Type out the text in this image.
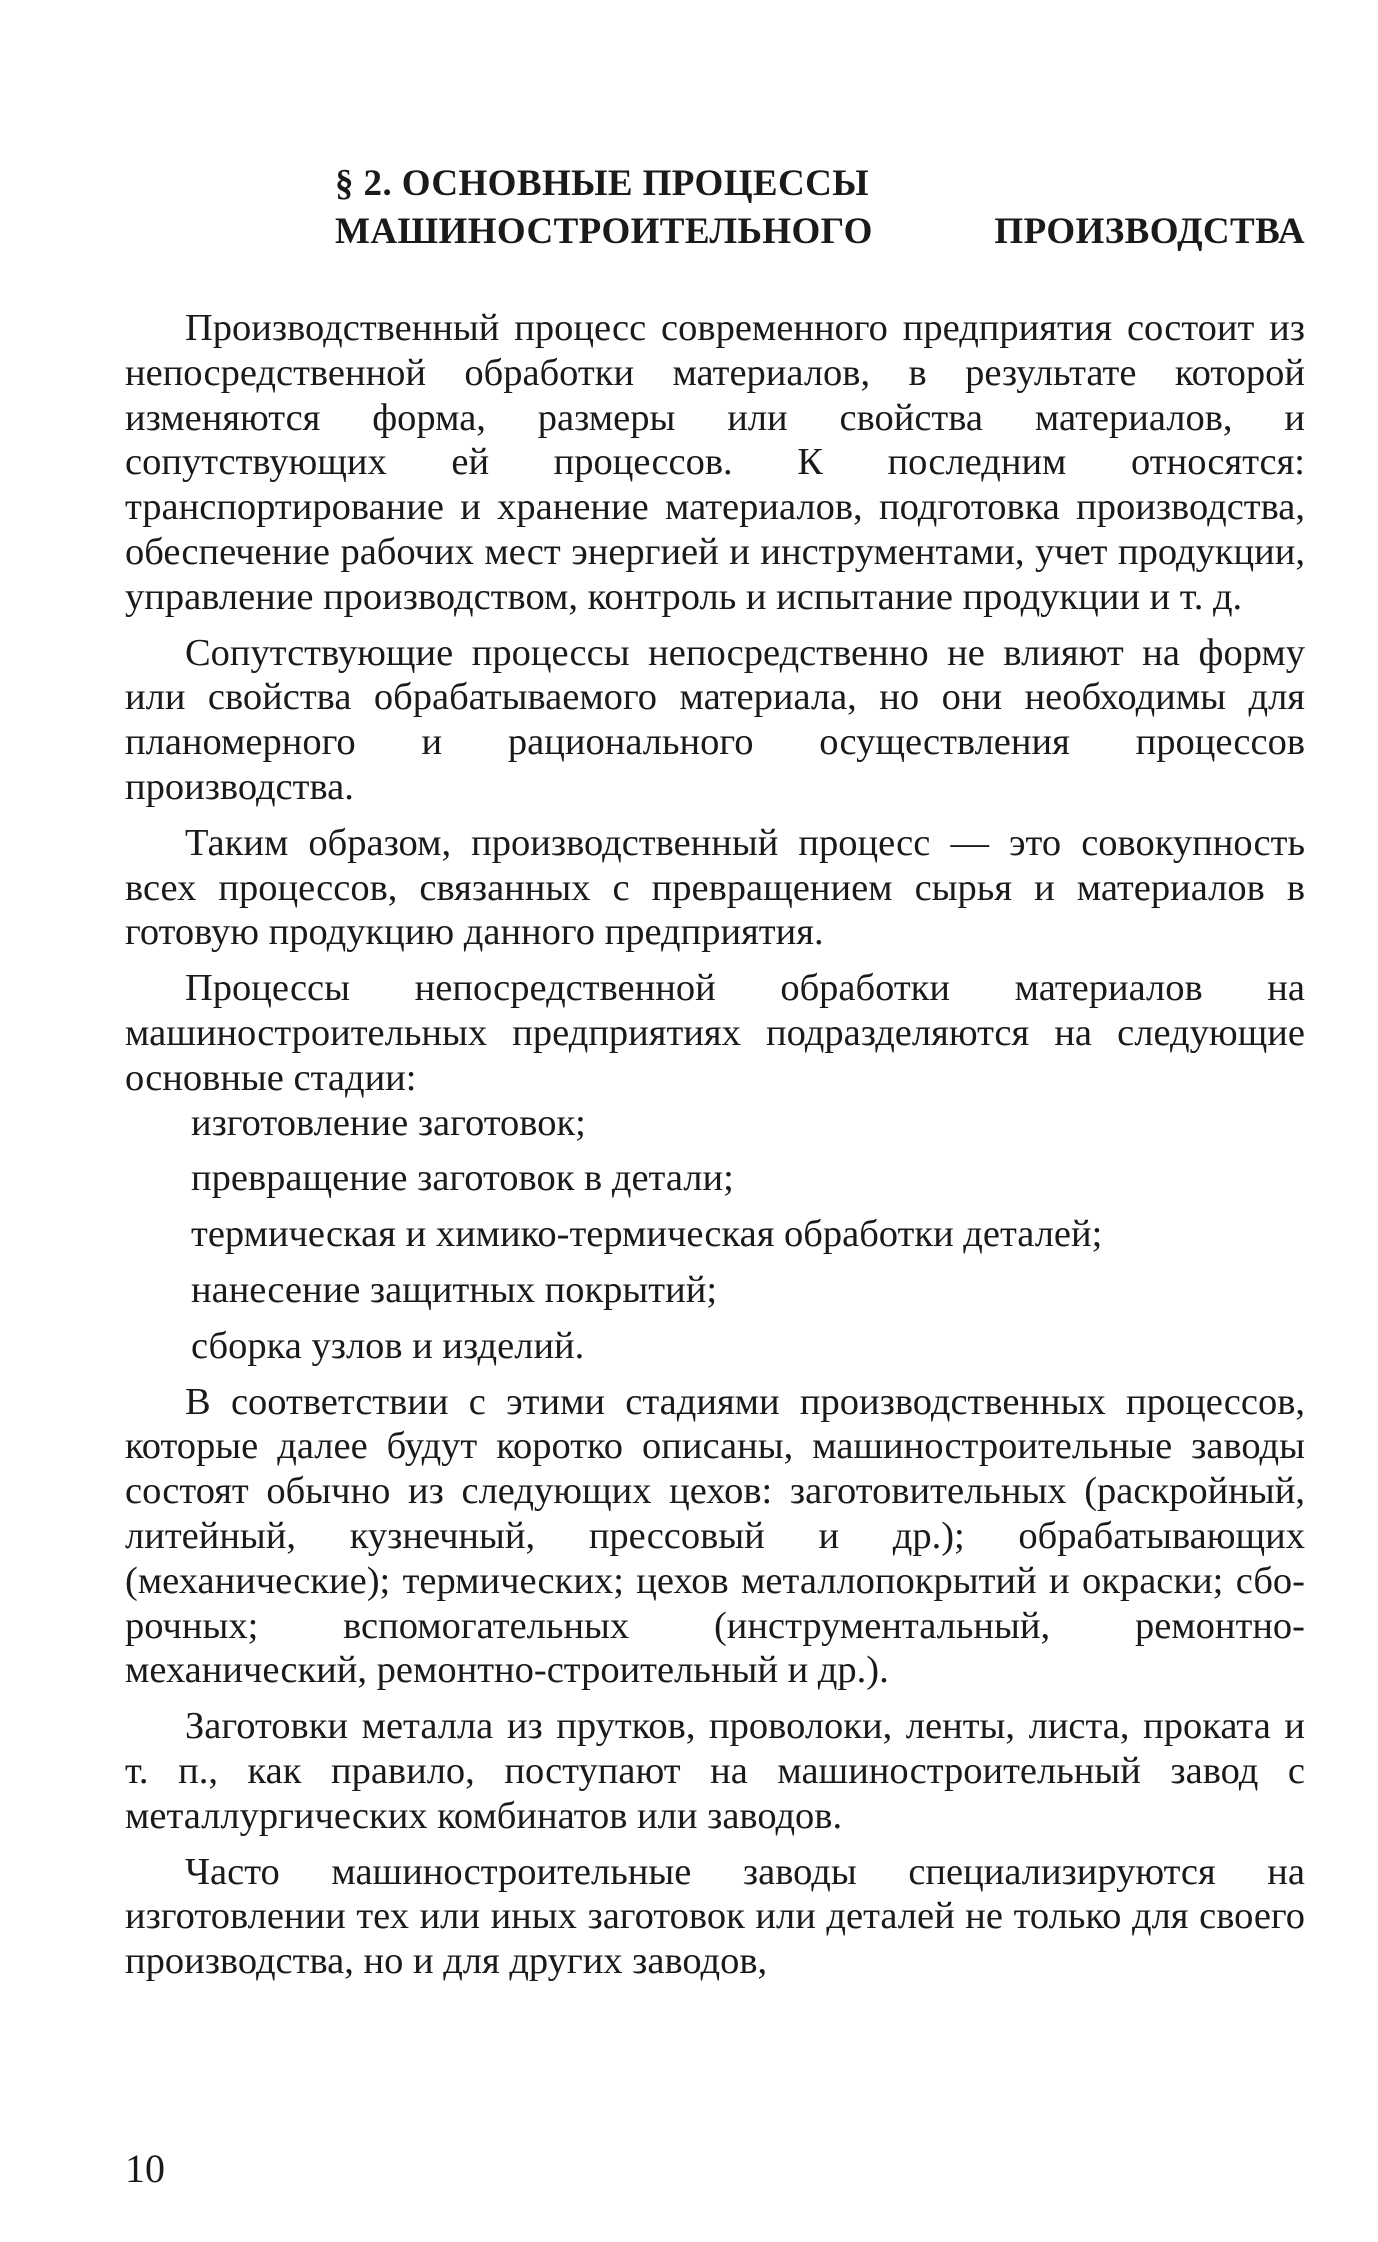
§ 2. ОСНОВНЫЕ ПРОЦЕССЫ
МАШИНОСТРОИТЕЛЬНОГО ПРОИЗВОДСТВА

Производственный процесс современного предприятия состоит из непосредственной обработки материалов, в результате которой изменяются форма, размеры или свойства материалов, и сопутствующих ей процессов. К последним относятся: транспортирование и хранение материалов, подготовка производства, обеспечение рабочих мест энергией и инструментами, учет продукции, управление производством, контроль и испытание продукции и т. д.

Сопутствующие процессы непосредственно не влияют на форму или свойства обрабатываемого материала, но они необходимы для планомерного и рационального осуществления процессов производства.

Таким образом, производственный процесс — это совокупность всех процессов, связанных с превращением сырья и материалов в готовую продукцию данного предприятия.

Процессы непосредственной обработки материалов на машиностроительных предприятиях подразделяются на следующие основные стадии:

изготовление заготовок;

превращение заготовок в детали;

термическая и химико-термическая обработки деталей;

нанесение защитных покрытий;

сборка узлов и изделий.

В соответствии с этими стадиями производственных процессов, которые далее будут коротко описаны, машиностроительные заводы состоят обычно из следующих цехов: заготовительных (раскройный, литейный, кузнечный, прессовый и др.); обрабатывающих (механические); термических; цехов металлопокрытий и окраски; сборочных; вспомогательных (инструментальный, ремонтно-механический, ремонтно-строительный и др.).

Заготовки металла из прутков, проволоки, ленты, листа, проката и т. п., как правило, поступают на машиностроительный завод с металлургических комбинатов или заводов.

Часто машиностроительные заводы специализируются на изготовлении тех или иных заготовок или деталей не только для своего производства, но и для других заводов,

10
